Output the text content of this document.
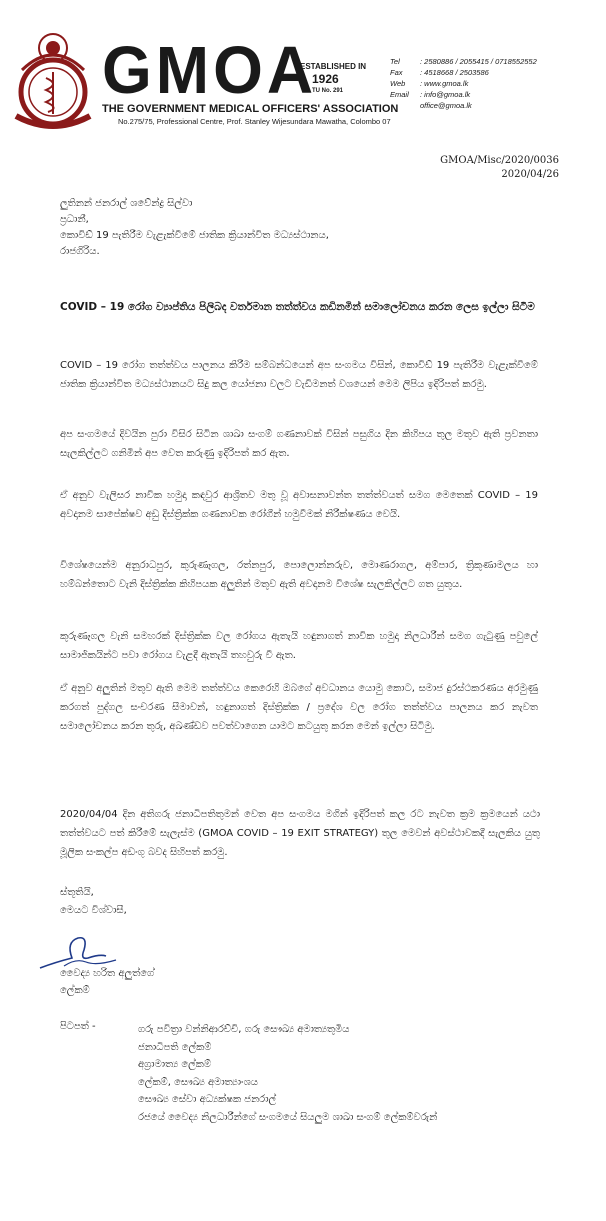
GMOA
ESTABLISHED IN
1926
TU No. 291
THE GOVERNMENT MEDICAL OFFICERS' ASSOCIATION
No.275/75, Professional Centre, Prof. Stanley Wijesundara Mawatha, Colombo 07
Tel	: 2580886 / 2055415 / 0718552552
Fax : 4518668 / 2503586
Web : www.gmoa.lk
Email : info@gmoa.lk
office@gmoa.lk
GMOA/Misc/2020/0036
2020/04/26
ලුතිනන් ජනරාල් ශවේන්ද්‍ර සිල්වා
ප්‍රධානී,
කොවිඩ් 19 පැතිරීම වැළැක්වීමේ ජාතික ක්‍රියාන්විත මධ්‍යස්ථානය,
රාජගිරිය.
COVID – 19 රෝග ව්‍යාප්තිය පිලිබද වර්තමාන තත්ත්වය කඩිනමින් සමාලෝචනය කරන ලෙස ඉල්ලා සිටීම
COVID – 19 රෝග තත්ත්වය පාලනය කිරීම සම්බන්ධයෙන් අප සංගමය විසින්, කොවිඩ් 19 පැතිරීම වැළැක්වීමේ ජාතික ක්‍රියාන්විත මධ්‍යස්ථානයට සිදු කල යෝජනා වලට වැඩිමනත් වශයෙන් මෙම ලිපිය ඉදිරිපත් කරමු.
අප සංගමයේ දිවයින පුරා විසිර සිටින ශාඛා සංගම් ගණනාවක් විසින් පසුගිය දින කිහිපය තුල මතුව ඇති ප්‍රවනතා සැලකිල්ලට ගනිමින් අප වෙත කරුණු ඉදිරිපත් කර ඇත.
ඒ අනුව වැලිසර නාවික හමුදා කඳවුර ආශ්‍රිතව මතු වූ අවාසනාවන්ත තත්ත්වයත් සමග මෙතෙක් COVID – 19 අවදානම සාපේක්ෂව අඩු දිස්ත්‍රික්ක ගණනාවක රෝගීන් හමුවීමක් නිරීක්ෂණය වෙයි.
විශේෂයෙන්ම අනුරාධපුර, කුරුණෑගල, රත්නපුර, පොලොන්නරුව, මොණරාගල, අම්පාර, ත්‍රිකුණාමලය හා හම්බන්තොට වැනි දිස්ත්‍රික්ක කිහිපයක අලුතින් මතුව ඇති අවදානම විශේෂ සැලකිල්ලට ගත යුතුය.
කුරුණෑගල වැනි සමහරක් දිස්ත්‍රික්ක වල රෝගය ඇතැයි හඳුනාගත් නාවික හමුදා නිලධාරීන් සමග ගැටුණු පවුලේ සාමාජිකයින්ට පවා රෝගය වැළදී ඇතැයි තහවුරු වී ඇත.
ඒ අනුව අලුතින් මතුව ඇති මෙම තත්ත්වය කෙරෙහි ඔබගේ අවධානය යොමු කොට, සමාජ දුරස්ථකරණය අරමුණු කරගත් පුද්ගල සංචරණ සීමාවන්, හඳුනාගත් දිස්ත්‍රික්ක / ප්‍රදේශ වල රෝග තත්ත්වය පාලනය කර නැවත සමාලෝචනය කරන තුරු, අඛණ්ඩව පවත්වාගෙන යාමට කටයුතු කරන මෙන් ඉල්ලා සිටිමු.
2020/04/04 දින අතිගරු ජනාධිපතිතුමන් වෙත අප සංගමය මගින් ඉදිරිපත් කල රට නැවත ක්‍රම ක්‍රමයෙන් යථා තත්ත්වයට පත් කිරීමේ සැලැස්ම (GMOA COVID – 19 EXIT STRATEGY) තුල මෙවන් අවස්ථාවකදී සැලකිය යුතු මූලික සංකල්ප අඩංගු බවද සිහිපත් කරමු.
ස්තූතියි,
මෙයට විශ්වාසී,
වෛද්‍ය හරිත අලුත්ගේ
ලේකම්
පිටපත් -	ගරු පවිත්‍රා වන්නිආරච්චි, ගරු සෞඛ්‍ය අමාත්‍යතුමිය
ජනාධිපති ලේකම්
අග්‍රාමාත්‍ය ලේකම්
ලේකම්, සෞඛ්‍ය අමාත්‍යාංශය
සෞඛ්‍ය සේවා අධ්‍යක්ෂක ජනරාල්
රජයේ වෛද්‍ය නිලධාරීන්ගේ සංගමයේ සියලුම ශාඛා සංගම් ලේකම්වරුන්
